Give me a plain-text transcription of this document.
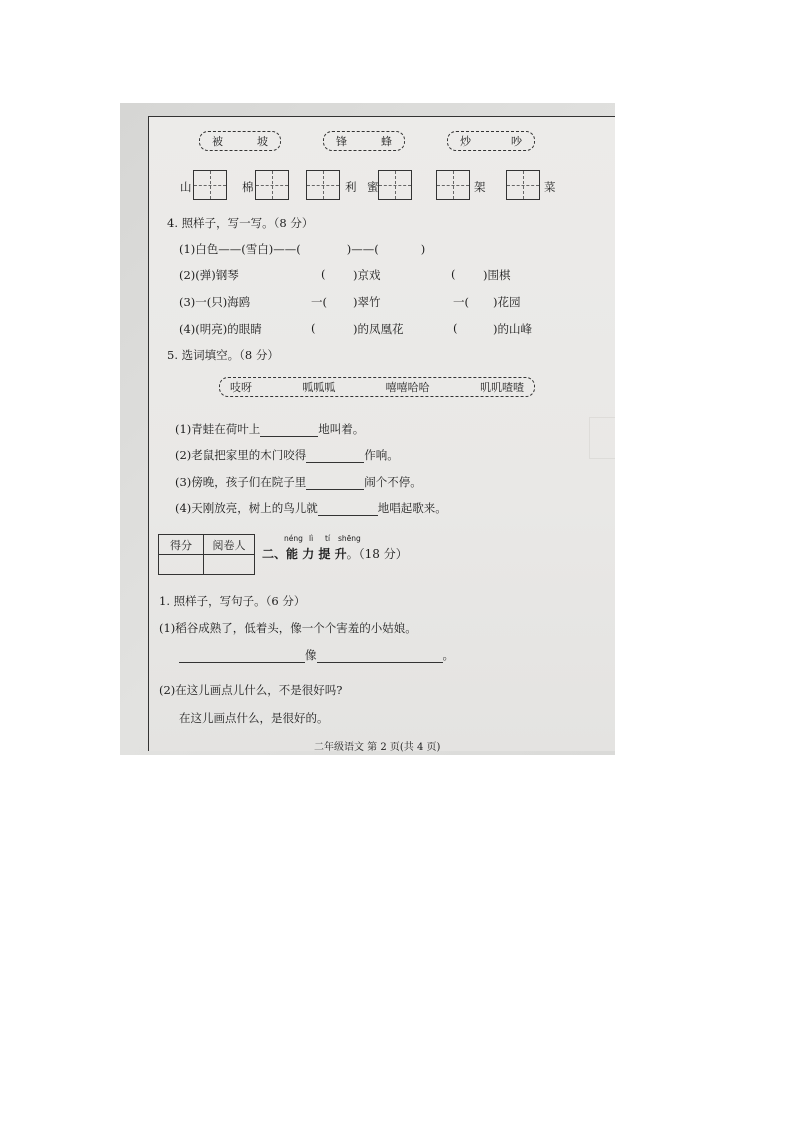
被	坡	锋	蜂	炒	吵
山	棉	利 蜜	架	菜
4. 照样子，写一写。（8 分）
(1)白色——(雪白)——(	)——(	)
(2)(弹)钢琴	( )京戏	( )围棋
(3)一(只)海鸥	一( )翠竹	一( )花园
(4)(明亮)的眼睛	(	)的凤凰花	(	)的山峰
5. 选词填空。（8 分）
吱呀	呱呱呱	嘻嘻哈哈	叽叽喳喳
(1)青蛙在荷叶上	地叫着。
(2)老鼠把家里的木门咬得	作响。
(3)傍晚，孩子们在院子里	闹个不停。
(4)天刚放亮，树上的鸟儿就	地唱起歌来。
得分	阅卷人
		néng lì tí shēng
二、能 力 提 升。（18 分）
1. 照样子，写句子。（6 分）
(1)稻谷成熟了，低着头，像一个个害羞的小姑娘。
像	。
(2)在这儿画点儿什么，不是很好吗?
在这儿画点什么，是很好的。
二年级语文 第 2 页(共 4 页)
